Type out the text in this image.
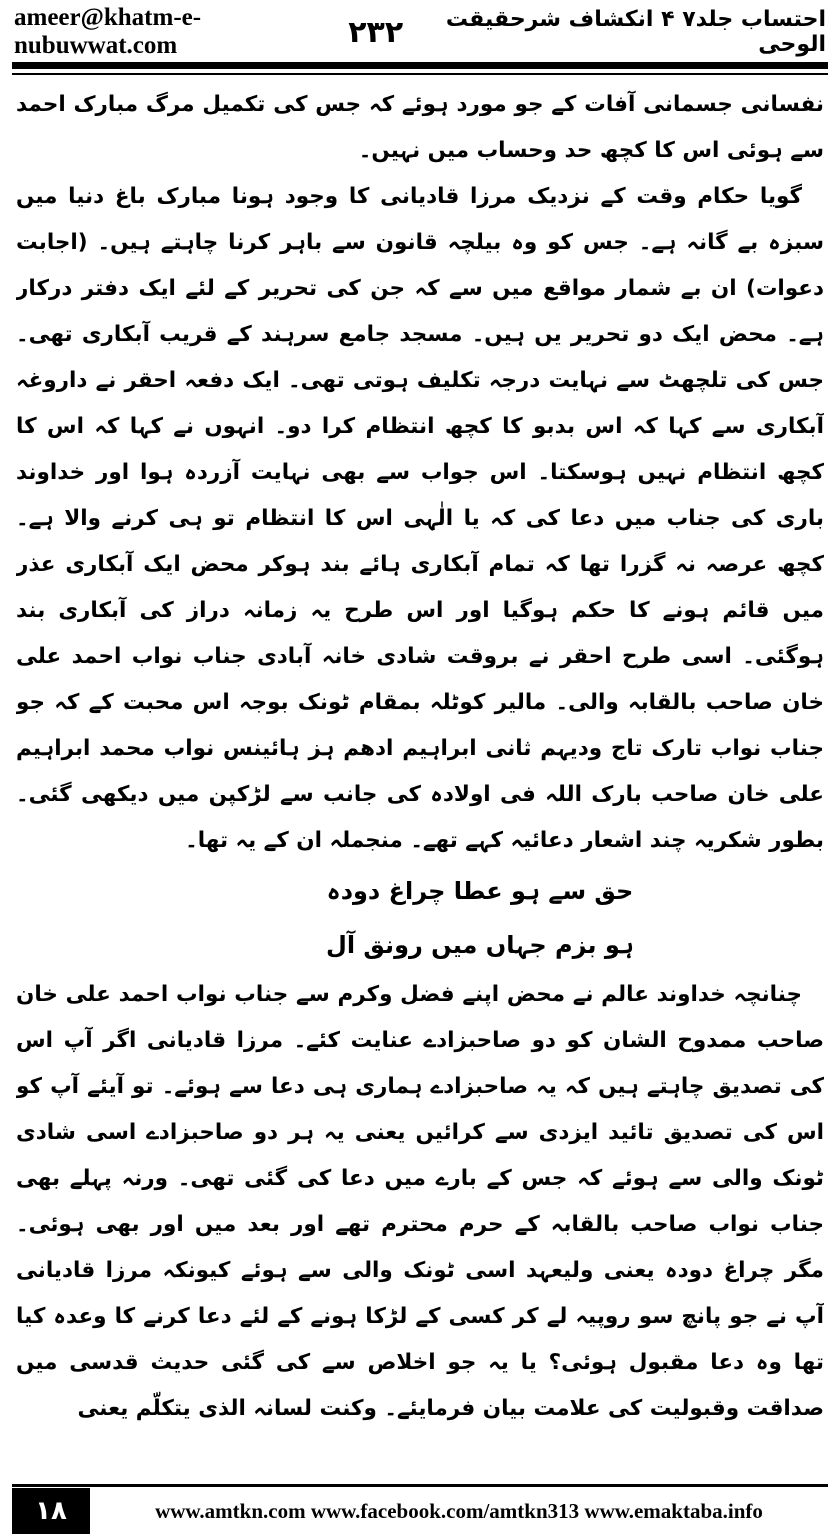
ameer@khatm-e-nubuwwat.com	۲۳۲	احتساب جلد۷ ۴ انکشاف شرحقیقت الوحی

نفسانی جسمانی آفات کے جو مورد ہوئے کہ جس کی تکمیل مرگ مبارک احمد سے ہوئی اس کا کچھ حد وحساب میں نہیں۔

گویا حکام وقت کے نزدیک مرزا قادیانی کا وجود ہونا مبارک باغ دنیا میں سبزہ بے گانہ ہے۔ جس کو وہ بیلچہ قانون سے باہر کرنا چاہتے ہیں۔ (اجابت دعوات) ان بے شمار مواقع میں سے کہ جن کی تحریر کے لئے ایک دفتر درکار ہے۔ محض ایک دو تحریر یں ہیں۔ مسجد جامع سرہند کے قریب آبکاری تھی۔ جس کی تلچھٹ سے نہایت درجہ تکلیف ہوتی تھی۔ ایک دفعہ احقر نے داروغہ آبکاری سے کہا کہ اس بدبو کا کچھ انتظام کرا دو۔ انہوں نے کہا کہ اس کا کچھ انتظام نہیں ہوسکتا۔ اس جواب سے بھی نہایت آزردہ ہوا اور خداوند باری کی جناب میں دعا کی کہ یا الٰہی اس کا انتظام تو ہی کرنے والا ہے۔ کچھ عرصہ نہ گزرا تھا کہ تمام آبکاری ہائے بند ہوکر محض ایک آبکاری عذر میں قائم ہونے کا حکم ہوگیا اور اس طرح یہ زمانہ دراز کی آبکاری بند ہوگئی۔ اسی طرح احقر نے بروقت شادی خانہ آبادی جناب نواب احمد علی خان صاحب بالقابہ والی۔ مالیر کوٹلہ بمقام ٹونک بوجہ اس محبت کے کہ جو جناب نواب تارک تاج ودیہم ثانی ابراہیم ادھم ہز ہائینس نواب محمد ابراہیم علی خان صاحب بارک اللہ فی اولادہ کی جانب سے لڑکپن میں دیکھی گئی۔ بطور شکریہ چند اشعار دعائیہ کہے تھے۔ منجملہ ان کے یہ تھا۔

حق سے ہو عطا چراغ دودہ

ہو بزم جہاں میں رونق آل

چنانچہ خداوند عالم نے محض اپنے فضل وکرم سے جناب نواب احمد علی خان صاحب ممدوح الشان کو دو صاحبزادے عنایت کئے۔ مرزا قادیانی اگر آپ اس کی تصدیق چاہتے ہیں کہ یہ صاحبزادے ہماری ہی دعا سے ہوئے۔ تو آیئے آپ کو اس کی تصدیق تائید ایزدی سے کرائیں یعنی یہ ہر دو صاحبزادے اسی شادی ٹونک والی سے ہوئے کہ جس کے بارے میں دعا کی گئی تھی۔ ورنہ پہلے بھی جناب نواب صاحب بالقابہ کے حرم محترم تھے اور بعد میں اور بھی ہوئی۔ مگر چراغ دودہ یعنی ولیعہد اسی ٹونک والی سے ہوئے کیونکہ مرزا قادیانی آپ نے جو پانچ سو روپیہ لے کر کسی کے لڑکا ہونے کے لئے دعا کرنے کا وعدہ کیا تھا وہ دعا مقبول ہوئی؟ یا یہ جو اخلاص سے کی گئی حدیث قدسی میں صداقت وقبولیت کی علامت بیان فرمایئے۔ وکنت لسانہ الذی یتکلّم یعنی

۱۸	www.amtkn.com www.facebook.com/amtkn313 www.emaktaba.info
